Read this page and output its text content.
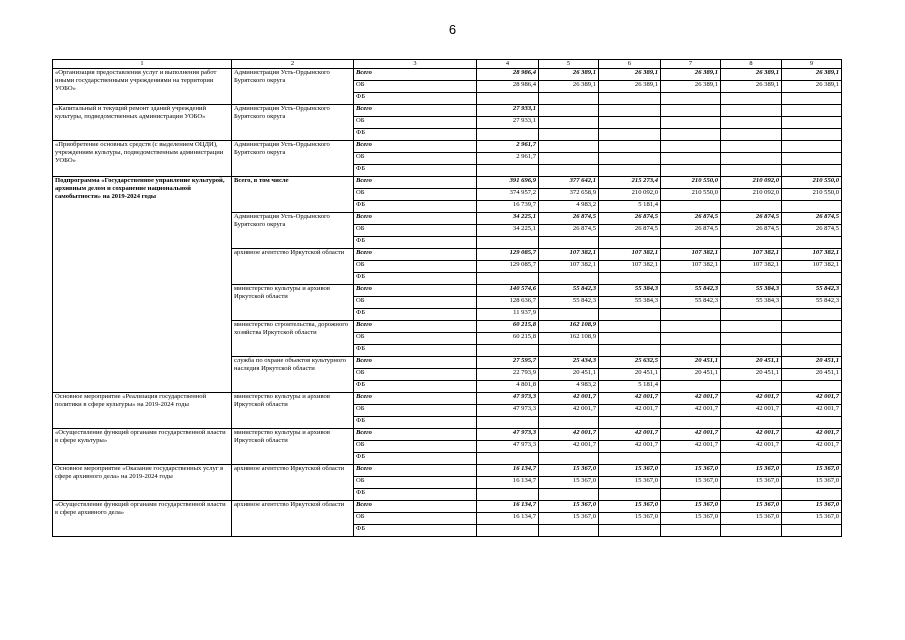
6
1	2	3	4	5	6	7	8	9
«Организация предоставления услуг и выполнения работ иными государственными учреждениями на территории УОБО»	Администрация Усть-Ордынского Бурятского округа	Всего	28 986,4	26 389,1	26 389,1	26 389,1	26 389,1	26 389,1
		ОБ	28 986,4	26 389,1	26 389,1	26 389,1	26 389,1	26 389,1
		ФБ						
«Капитальный и текущий ремонт зданий учреждений культуры, подведомственных администрации УОБО»	Администрация Усть-Ордынского Бурятского округа	Всего	27 933,1					
		ОБ	27 933,1					
		ФБ						
«Приобретение основных средств (с выделением ОЦДИ), учреждениям культуры, подведомственным администрации УОБО»	Администрация Усть-Ордынского Бурятского округа	Всего	2 961,7					
		ОБ	2 961,7					
		ФБ						
Подпрограмма «Государственное управление культурой, архивным делом и сохранение национальной самобытности» на 2019-2024 годы	Всего, в том числе	Всего	391 696,9	377 642,1	215 273,4	210 550,0	210 092,0	210 550,0
		ОБ	374 957,2	372 658,9	210 092,0	210 550,0	210 092,0	210 550,0
		ФБ	16 739,7	4 983,2	5 181,4			
	Администрация Усть-Ордынского Бурятского округа	Всего	34 225,1	26 874,5	26 874,5	26 874,5	26 874,5	26 874,5
		ОБ	34 225,1	26 874,5	26 874,5	26 874,5	26 874,5	26 874,5
		ФБ						
	архивное агентство Иркутской области	Всего	129 085,7	107 382,1	107 382,1	107 382,1	107 382,1	107 382,1
		ОБ	129 085,7	107 382,1	107 382,1	107 382,1	107 382,1	107 382,1
		ФБ						
	министерство культуры и архивов Иркутской области	Всего	140 574,6	55 842,3	55 384,3	55 842,3	55 384,3	55 842,3
		ОБ	128 636,7	55 842,3	55 384,3	55 842,3	55 384,3	55 842,3
		ФБ	11 937,9					
	министерство строительства, дорожного хозяйства Иркутской области	Всего	60 215,8	162 108,9				
		ОБ	60 215,8	162 108,9				
		ФБ						
	служба по охране объектов культурного наследия Иркутской области	Всего	27 595,7	25 434,3	25 632,5	20 451,1	20 451,1	20 451,1
		ОБ	22 793,9	20 451,1	20 451,1	20 451,1	20 451,1	20 451,1
		ФБ	4 801,8	4 983,2	5 181,4			
Основное мероприятие «Реализация государственной политики в сфере культуры» на 2019-2024 годы	министерство культуры и архивов Иркутской области	Всего	47 973,3	42 001,7	42 001,7	42 001,7	42 001,7	42 001,7
		ОБ	47 973,3	42 001,7	42 001,7	42 001,7	42 001,7	42 001,7
		ФБ						
«Осуществление функций органами государственной власти в сфере культуры»	министерство культуры и архивов Иркутской области	Всего	47 973,3	42 001,7	42 001,7	42 001,7	42 001,7	42 001,7
		ОБ	47 973,3	42 001,7	42 001,7	42 001,7	42 001,7	42 001,7
		ФБ						
Основное мероприятие «Оказание государственных услуг в сфере архивного дела» на 2019-2024 годы	архивное агентство Иркутской области	Всего	16 134,7	15 367,0	15 367,0	15 367,0	15 367,0	15 367,0
		ОБ	16 134,7	15 367,0	15 367,0	15 367,0	15 367,0	15 367,0
		ФБ						
«Осуществление функций органами государственной власти в сфере архивного дела»	архивное агентство Иркутской области	Всего	16 134,7	15 367,0	15 367,0	15 367,0	15 367,0	15 367,0
		ОБ	16 134,7	15 367,0	15 367,0	15 367,0	15 367,0	15 367,0
		ФБ						
